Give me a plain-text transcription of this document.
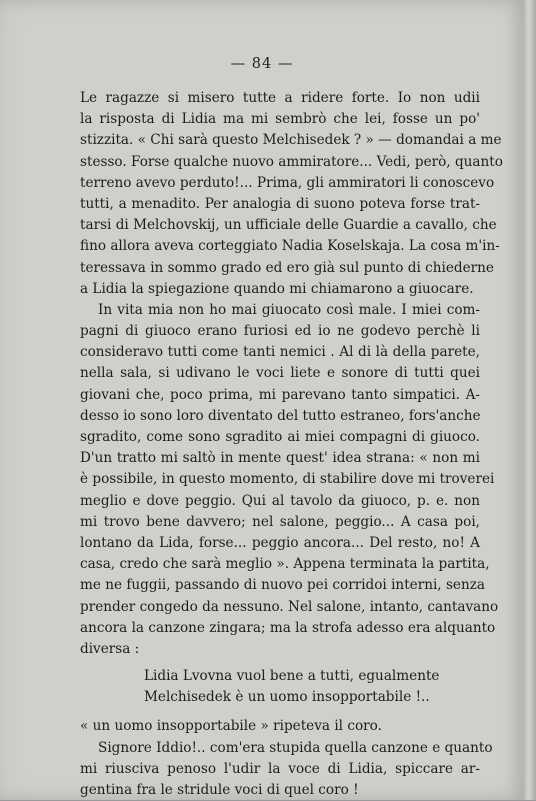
— 84 —
Le ragazze si misero tutte a ridere forte. Io non udii
la risposta di Lidia ma mi sembrò che lei, fosse un po'
stizzita. « Chi sarà questo Melchisedek ? » — domandai a me
stesso. Forse qualche nuovo ammiratore... Vedi, però, quanto
terreno avevo perduto!... Prima, gli ammiratori li conoscevo
tutti, a menadito. Per analogia di suono poteva forse trat-
tarsi di Melchovskij, un ufficiale delle Guardie a cavallo, che
fino allora aveva corteggiato Nadia Koselskaja. La cosa m'in-
teressava in sommo grado ed ero già sul punto di chiederne
a Lidia la spiegazione quando mi chiamarono a giuocare.
In vita mia non ho mai giuocato così male. I miei com-
pagni di giuoco erano furiosi ed io ne godevo perchè li
consideravo tutti come tanti nemici . Al di là della parete,
nella sala, si udivano le voci liete e sonore di tutti quei
giovani che, poco prima, mi parevano tanto simpatici. A-
desso io sono loro diventato del tutto estraneo, fors'anche
sgradito, come sono sgradito ai miei compagni di giuoco.
D'un tratto mi saltò in mente quest' idea strana: « non mi
è possibile, in questo momento, di stabilire dove mi troverei
meglio e dove peggio. Qui al tavolo da giuoco, p. e. non
mi trovo bene davvero; nel salone, peggio... A casa poi,
lontano da Lida, forse... peggio ancora... Del resto, no! A
casa, credo che sarà meglio ». Appena terminata la partita,
me ne fuggii, passando di nuovo pei corridoi interni, senza
prender congedo da nessuno. Nel salone, intanto, cantavano
ancora la canzone zingara; ma la strofa adesso era alquanto
diversa :
Lidia Lvovna vuol bene a tutti, egualmente
Melchisedek è un uomo insopportabile !..
« un uomo insopportabile » ripeteva il coro.
Signore Iddio!.. com'era stupida quella canzone e quanto
mi riusciva penoso l'udir la voce di Lidia, spiccare ar-
gentina fra le stridule voci di quel coro !
